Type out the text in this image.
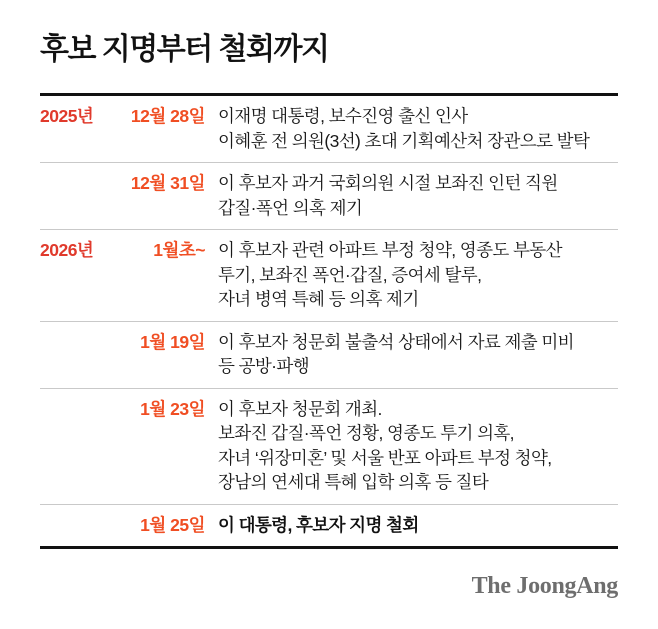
후보 지명부터 철회까지
2025년 12월 28일 이재명 대통령, 보수진영 출신 인사
이혜훈 전 의원(3선) 초대 기획예산처 장관으로 발탁
12월 31일 이 후보자 과거 국회의원 시절 보좌진 인턴 직원
갑질·폭언 의혹 제기
2026년	1월초~ 이 후보자 관련 아파트 부정 청약, 영종도 부동산
투기, 보좌진 폭언·갑질, 증여세 탈루,
자녀 병역 특혜 등 의혹 제기
1월 19일 이 후보자 청문회 불출석 상태에서 자료 제출 미비
등 공방·파행
1월 23일 이 후보자 청문회 개최.
보좌진 갑질·폭언 정황, 영종도 투기 의혹,
자녀 ‘위장미혼’ 및 서울 반포 아파트 부정 청약,
장남의 연세대 특혜 입학 의혹 등 질타
1월 25일 이 대통령, 후보자 지명 철회
The JoongAng
